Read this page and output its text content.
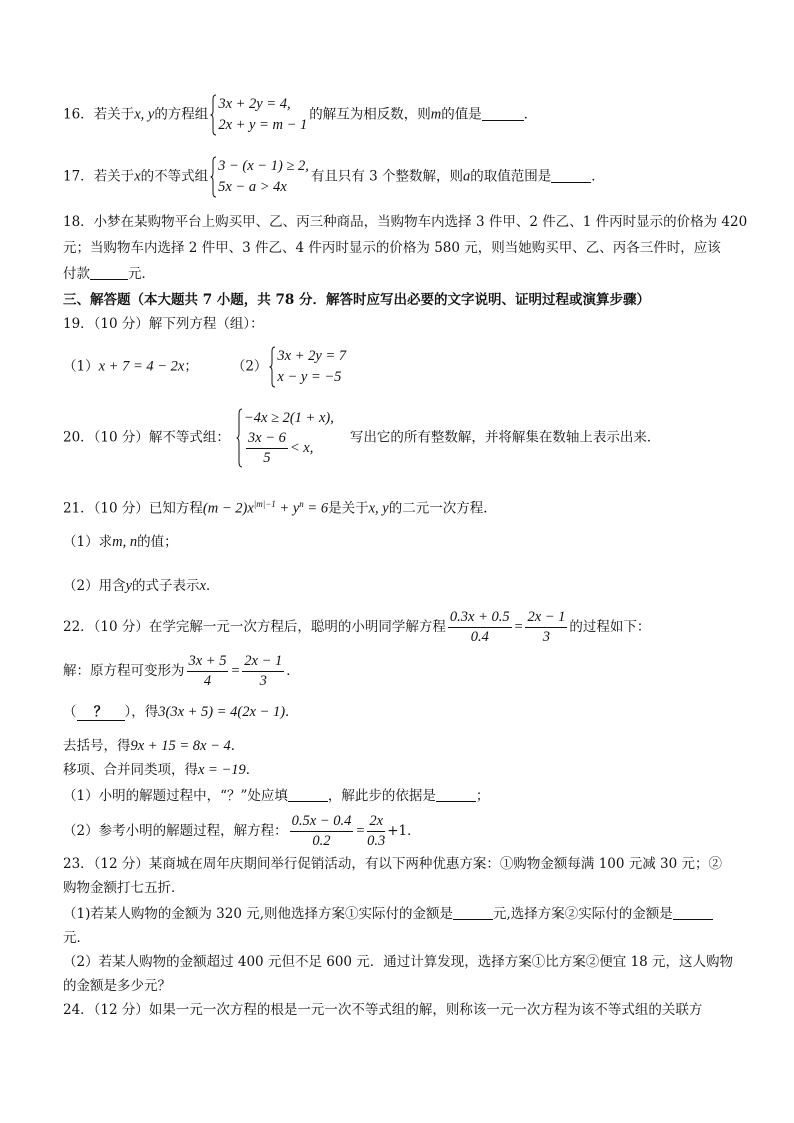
16．若关于x, y的方程组
3x + 2y = 4,
2x + y = m − 1
的解互为相反数，则m的值是	．
17．若关于x的不等式组
3 − (x − 1) ≥ 2,
5x − a > 4x
有且只有 3 个整数解，则a的取值范围是	．
18．小梦在某购物平台上购买甲、乙、丙三种商品，当购物车内选择 3 件甲、2 件乙、1 件丙时显示的价格为 420
元；当购物车内选择 2 件甲、3 件乙、4 件丙时显示的价格为 580 元，则当她购买甲、乙、丙各三件时，应该
付款	元．
三、解答题（本大题共 7 小题，共 78 分．解答时应写出必要的文字说明、证明过程或演算步骤）
19．（10 分）解下列方程（组）：
（1）x + 7 = 4 − 2x；	（2）
3x + 2y = 7
x − y = −5
20．（10 分）解不等式组：
−4x ≥ 2(1 + x),
$\frac{3x - 6}{5} < x$,
写出它的所有整数解，并将解集在数轴上表示出来．
21．（10 分）已知方程$(m - 2)x^{|m|-1} + y^n = 6$是关于x, y的二元一次方程．
（1）求m, n的值；
（2）用含y的式子表示x．
22．（10 分）在学完解一元一次方程后，聪明的小明同学解方程 $\frac{0.3x + 0.5}{0.4} = \frac{2x - 1}{3}$ 的过程如下：
解：原方程可变形为 $\frac{3x + 5}{4} = \frac{2x - 1}{3}$ ．
（ ？ ），得3(3x + 5) = 4(2x − 1)．
去括号，得9x + 15 = 8x − 4．
移项、合并同类项，得x = −19．
（1）小明的解题过程中，“？”处应填	，解此步的依据是	；
（2）参考小明的解题过程，解方程： $\frac{0.5x - 0.4}{0.2} = \frac{2x}{0.3} +1$．
23．（12 分）某商城在周年庆期间举行促销活动，有以下两种优惠方案：①购物金额每满 100 元减 30 元；②
购物金额打七五折．
（1)若某人购物的金额为 320 元,则他选择方案①实际付的金额是	元,选择方案②实际付的金额是
元．
（2）若某人购物的金额超过 400 元但不足 600 元．通过计算发现，选择方案①比方案②便宜 18 元，这人购物
的金额是多少元？
24．（12 分）如果一元一次方程的根是一元一次不等式组的解，则称该一元一次方程为该不等式组的关联方
